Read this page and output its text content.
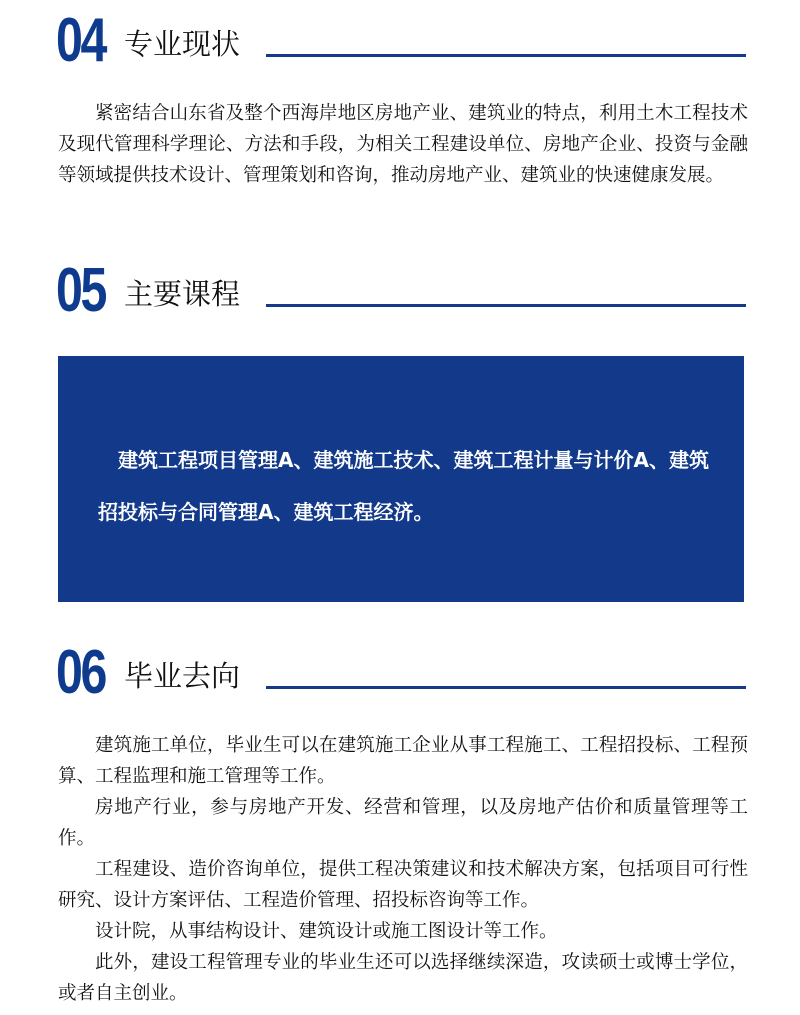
04 专业现状

紧密结合山东省及整个西海岸地区房地产业、建筑业的特点，利用土木工程技术及现代管理科学理论、方法和手段，为相关工程建设单位、房地产企业、投资与金融等领域提供技术设计、管理策划和咨询，推动房地产业、建筑业的快速健康发展。

05 主要课程
建筑工程项目管理A、建筑施工技术、建筑工程计量与计价A、建筑招投标与合同管理A、建筑工程经济。
06 毕业去向

建筑施工单位，毕业生可以在建筑施工企业从事工程施工、工程招投标、工程预算、工程监理和施工管理等工作。

房地产行业，参与房地产开发、经营和管理，以及房地产估价和质量管理等工作。

工程建设、造价咨询单位，提供工程决策建议和技术解决方案，包括项目可行性研究、设计方案评估、工程造价管理、招投标咨询等工作。

设计院，从事结构设计、建筑设计或施工图设计等工作。

此外，建设工程管理专业的毕业生还可以选择继续深造，攻读硕士或博士学位，或者自主创业。
